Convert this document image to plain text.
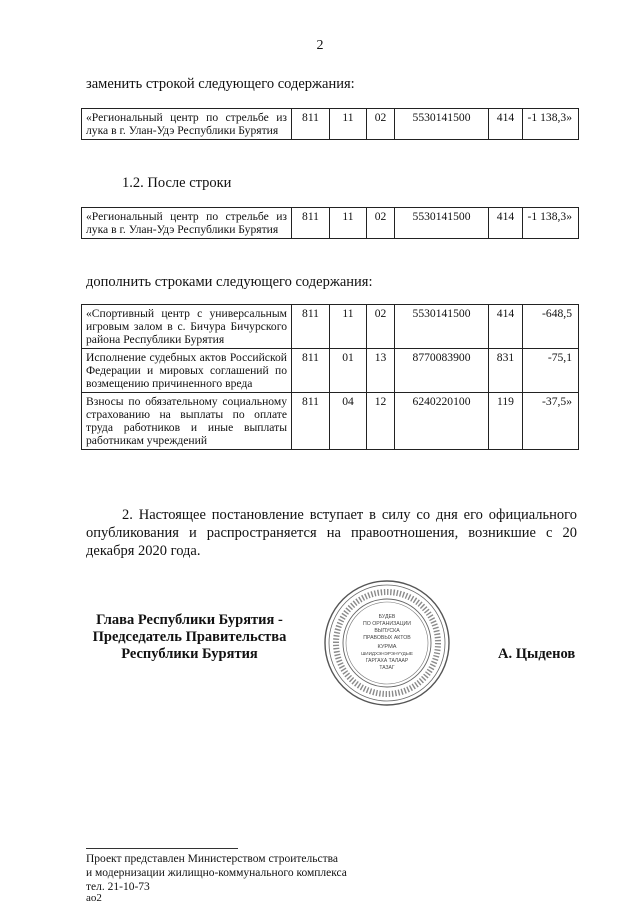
2
заменить строкой следующего содержания:
«Региональный центр по стрельбе из лука в г. Улан-Удэ Республики Бурятия	811	11	02	5530141500	414	-1 138,3»
1.2. После строки
«Региональный центр по стрельбе из лука в г. Улан-Удэ Республики Бурятия	811	11	02	5530141500	414	-1 138,3»
дополнить строками следующего содержания:
«Спортивный центр с универсальным игровым залом в с. Бичура Бичурского района Республики Бурятия	811	11	02	5530141500	414	-648,5
Исполнение судебных актов Российской Федерации и мировых соглашений по возмещению причиненного вреда	811	01	13	8770083900	831	-75,1
Взносы по обязательному социальному страхованию на выплаты по оплате труда работников и иные выплаты работникам учреждений	811	04	12	6240220100	119	-37,5»
2. Настоящее постановление вступает в силу со дня его официального опубликования и распространяется на правоотношения, возникшие с 20 декабря 2020 года.
Глава Республики Бурятия -
Председатель Правительства
Республики Бурятия
БУДЕВ
ПО ОРГАНИЗАЦИИ
ВЫПУСКА
ПРАВОВЫХ АКТОВ
КУРМА
ШИИДХЭНЭРЭНҮҮДЫЕ
ГАРГАХА ТАЛААР
ТАЗАГ
А. Цыденов
Проект представлен Министерством строительства
и модернизации жилищно-коммунального комплекса
тел. 21-10-73
ао2
